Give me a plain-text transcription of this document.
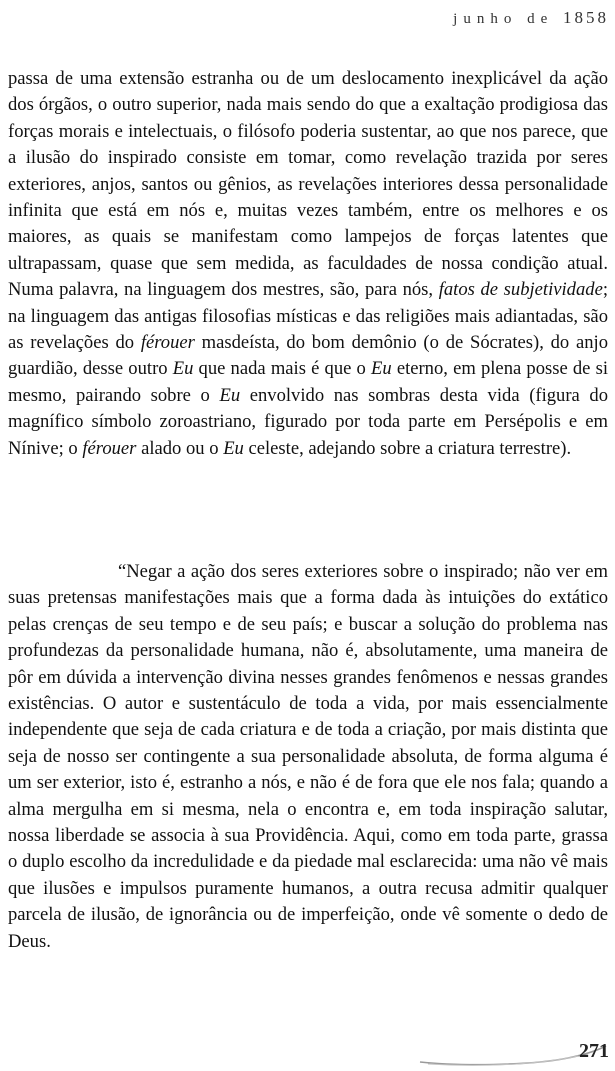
junho de 1858
passa de uma extensão estranha ou de um deslocamento inexplicável da ação dos órgãos, o outro superior, nada mais sendo do que a exaltação prodigiosa das forças morais e intelectuais, o filósofo poderia sustentar, ao que nos parece, que a ilusão do inspirado consiste em tomar, como revelação trazida por seres exteriores, anjos, santos ou gênios, as revelações interiores dessa personalidade infinita que está em nós e, muitas vezes também, entre os melhores e os maiores, as quais se manifestam como lampejos de forças latentes que ultrapassam, quase que sem medida, as faculdades de nossa condição atual. Numa palavra, na linguagem dos mestres, são, para nós, fatos de subjetividade; na linguagem das antigas filosofias místicas e das religiões mais adiantadas, são as revelações do férouer masdeísta, do bom demônio (o de Sócrates), do anjo guardião, desse outro Eu que nada mais é que o Eu eterno, em plena posse de si mesmo, pairando sobre o Eu envolvido nas sombras desta vida (figura do magnífico símbolo zoroastriano, figurado por toda parte em Persépolis e em Nínive; o férouer alado ou o Eu celeste, adejando sobre a criatura terrestre).
“Negar a ação dos seres exteriores sobre o inspirado; não ver em suas pretensas manifestações mais que a forma dada às intuições do extático pelas crenças de seu tempo e de seu país; e buscar a solução do problema nas profundezas da personalidade humana, não é, absolutamente, uma maneira de pôr em dúvida a intervenção divina nesses grandes fenômenos e nessas grandes existências. O autor e sustentáculo de toda a vida, por mais essencialmente independente que seja de cada criatura e de toda a criação, por mais distinta que seja de nosso ser contingente a sua personalidade absoluta, de forma alguma é um ser exterior, isto é, estranho a nós, e não é de fora que ele nos fala; quando a alma mergulha em si mesma, nela o encontra e, em toda inspiração salutar, nossa liberdade se associa à sua Providência. Aqui, como em toda parte, grassa o duplo escolho da incredulidade e da piedade mal esclarecida: uma não vê mais que ilusões e impulsos puramente humanos, a outra recusa admitir qualquer parcela de ilusão, de ignorância ou de imperfeição, onde vê somente o dedo de Deus.
271
